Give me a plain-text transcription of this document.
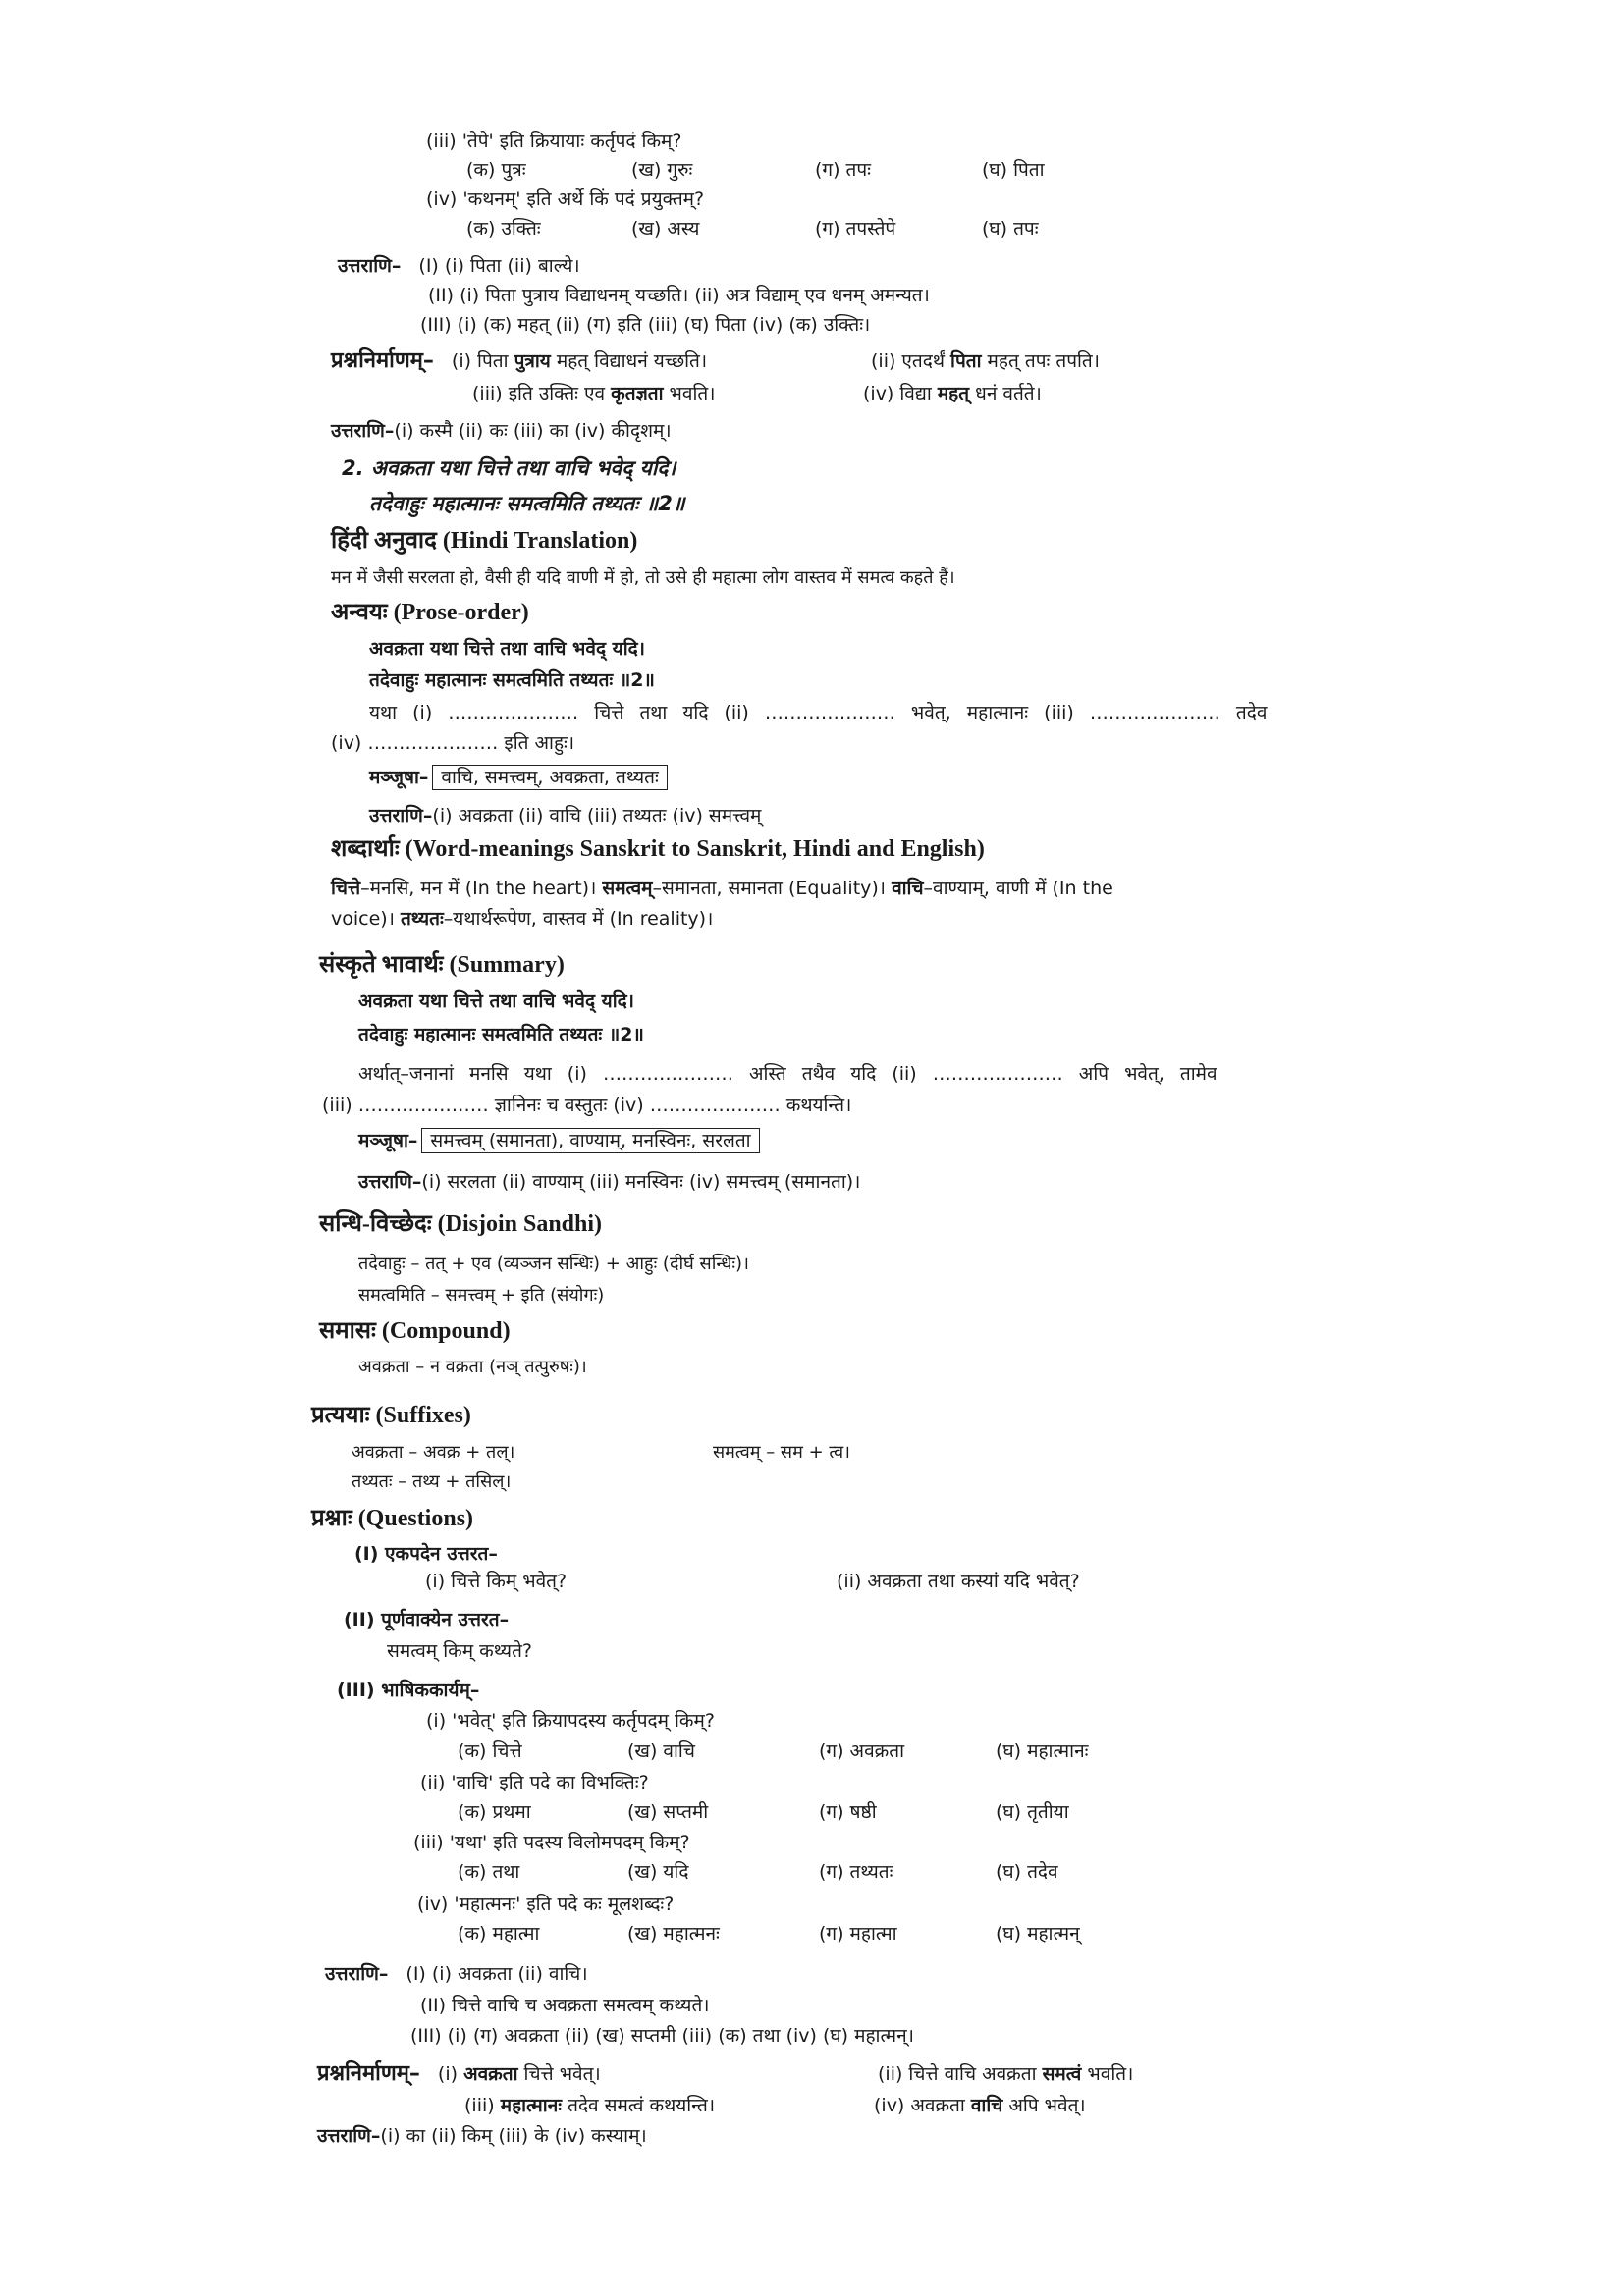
(iii) 'तेपे' इति क्रियायाः कर्तृपदं किम्?
(क) पुत्रः	(ख) गुरुः	(ग) तपः	(घ) पिता
(iv) 'कथनम्' इति अर्थे किं पदं प्रयुक्तम्?
(क) उक्तिः	(ख) अस्य	(ग) तपस्तेपे	(घ) तपः
उत्तराणि– (I) (i) पिता (ii) बाल्ये।
(II) (i) पिता पुत्राय विद्याधनम् यच्छति। (ii) अत्र विद्याम् एव धनम् अमन्यत।
(III) (i) (क) महत् (ii) (ग) इति (iii) (घ) पिता (iv) (क) उक्तिः।
प्रश्ननिर्माणम्– (i) पिता पुत्राय महत् विद्याधनं यच्छति।	(ii) एतदर्थं पिता महत् तपः तपति।
(iii) इति उक्तिः एव कृतज्ञता भवति।	(iv) विद्या महत् धनं वर्तते।
उत्तराणि–(i) कस्मै (ii) कः (iii) का (iv) कीदृशम्।
2. अवक्रता यथा चित्ते तथा वाचि भवेद् यदि।
तदेवाहुः महात्मानः समत्वमिति तथ्यतः ॥2॥
हिंदी अनुवाद (Hindi Translation)
मन में जैसी सरलता हो, वैसी ही यदि वाणी में हो, तो उसे ही महात्मा लोग वास्तव में समत्व कहते हैं।
अन्वयः (Prose-order)
अवक्रता यथा चित्ते तथा वाचि भवेद् यदि।
तदेवाहुः महात्मानः समत्वमिति तथ्यतः ॥2॥
यथा (i) ………………… चित्ते तथा यदि (ii) ………………… भवेत्, महात्मानः (iii) ………………… तदेव
(iv) ………………… इति आहुः।
मञ्जूषा– वाचि, समत्त्वम्, अवक्रता, तथ्यतः
उत्तराणि–(i) अवक्रता (ii) वाचि (iii) तथ्यतः (iv) समत्त्वम्
शब्दार्थाः (Word-meanings Sanskrit to Sanskrit, Hindi and English)
चित्ते–मनसि, मन में (In the heart)। समत्वम्–समानता, समानता (Equality)। वाचि–वाण्याम्, वाणी में (In the
voice)। तथ्यतः–यथार्थरूपेण, वास्तव में (In reality)।
संस्कृते भावार्थः (Summary)
अवक्रता यथा चित्ते तथा वाचि भवेद् यदि।
तदेवाहुः महात्मानः समत्वमिति तथ्यतः ॥2॥
अर्थात्–जनानां मनसि यथा (i) ………………… अस्ति तथैव यदि (ii) ………………… अपि भवेत्, तामेव
(iii) ………………… ज्ञानिनः च वस्तुतः (iv) ………………… कथयन्ति।
मञ्जूषा– समत्त्वम् (समानता), वाण्याम्, मनस्विनः, सरलता
उत्तराणि–(i) सरलता (ii) वाण्याम् (iii) मनस्विनः (iv) समत्त्वम् (समानता)।
सन्धि-विच्छेदः (Disjoin Sandhi)
तदेवाहुः – तत् + एव (व्यञ्जन सन्धिः) + आहुः (दीर्घ सन्धिः)।
समत्वमिति – समत्त्वम् + इति (संयोगः)
समासः (Compound)
अवक्रता – न वक्रता (नञ् तत्पुरुषः)।
प्रत्ययाः (Suffixes)
अवक्रता – अवक्र + तल्।	समत्वम् – सम + त्व।
तथ्यतः – तथ्य + तसिल्।
प्रश्नाः (Questions)
(I) एकपदेन उत्तरत–
(i) चित्ते किम् भवेत्?	(ii) अवक्रता तथा कस्यां यदि भवेत्?
(II) पूर्णवाक्येन उत्तरत–
समत्वम् किम् कथ्यते?
(III) भाषिककार्यम्–
(i) 'भवेत्' इति क्रियापदस्य कर्तृपदम् किम्?
(क) चित्ते	(ख) वाचि	(ग) अवक्रता	(घ) महात्मानः
(ii) 'वाचि' इति पदे का विभक्तिः?
(क) प्रथमा	(ख) सप्तमी	(ग) षष्ठी	(घ) तृतीया
(iii) 'यथा' इति पदस्य विलोमपदम् किम्?
(क) तथा	(ख) यदि	(ग) तथ्यतः	(घ) तदेव
(iv) 'महात्मनः' इति पदे कः मूलशब्दः?
(क) महात्मा	(ख) महात्मनः	(ग) महात्मा	(घ) महात्मन्
उत्तराणि– (I) (i) अवक्रता (ii) वाचि।
(II) चित्ते वाचि च अवक्रता समत्वम् कथ्यते।
(III) (i) (ग) अवक्रता (ii) (ख) सप्तमी (iii) (क) तथा (iv) (घ) महात्मन्।
प्रश्ननिर्माणम्– (i) अवक्रता चित्ते भवेत्।	(ii) चित्ते वाचि अवक्रता समत्वं भवति।
(iii) महात्मानः तदेव समत्वं कथयन्ति।	(iv) अवक्रता वाचि अपि भवेत्।
उत्तराणि–(i) का (ii) किम् (iii) के (iv) कस्याम्।
